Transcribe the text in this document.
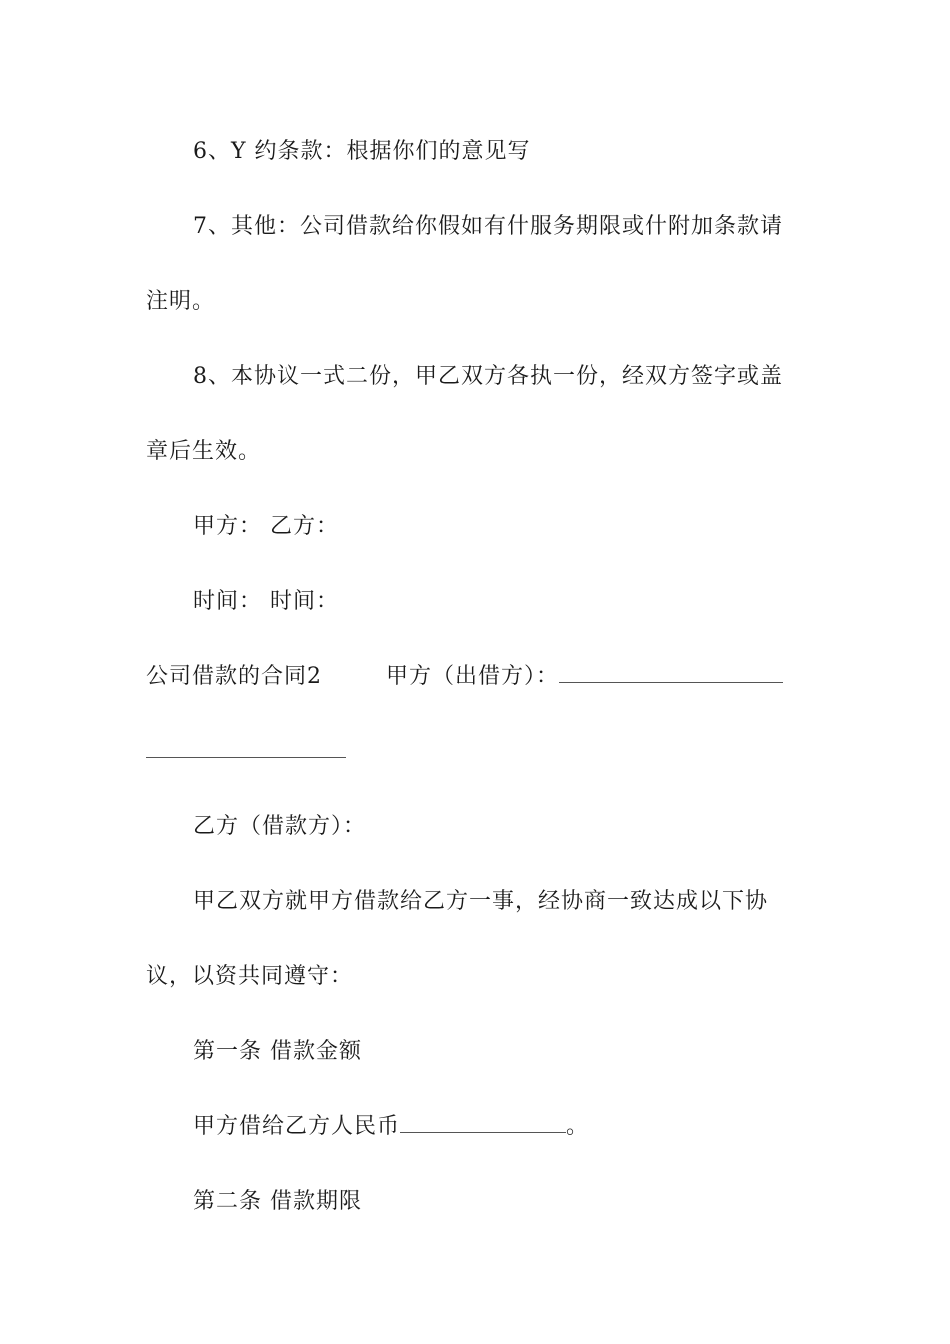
6、Y 约条款：根据你们的意见写
7、其他：公司借款给你假如有什服务期限或什附加条款请
注明。
8、本协议一式二份，甲乙双方各执一份，经双方签字或盖
章后生效。
甲方： 乙方：
时间： 时间：
公司借款的合同2	甲方（出借方）：
乙方（借款方）：
甲乙双方就甲方借款给乙方一事，经协商一致达成以下协
议，以资共同遵守：
第一条 借款金额
甲方借给乙方人民币	。
第二条 借款期限
